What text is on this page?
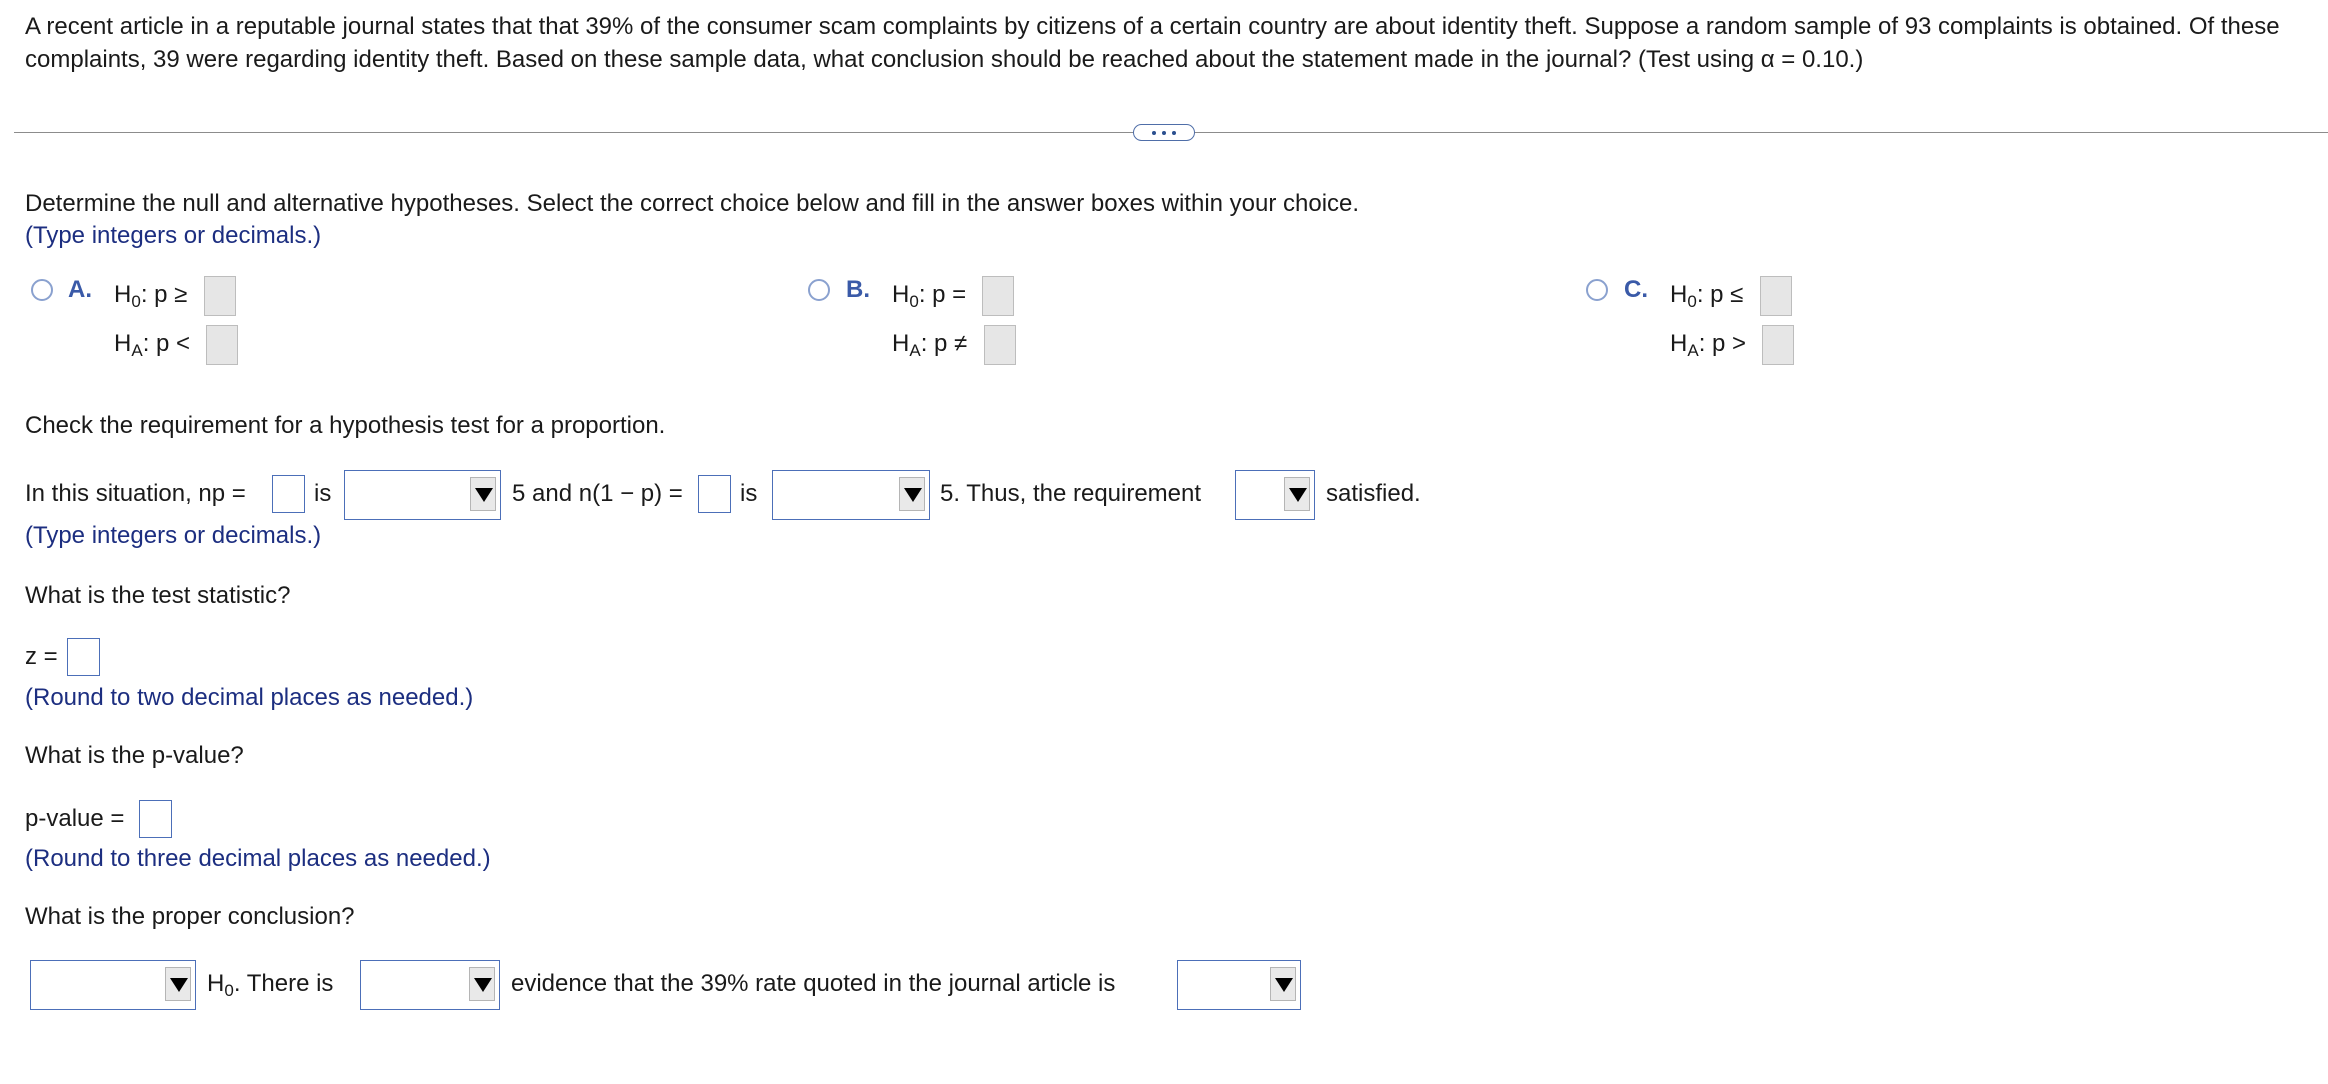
A recent article in a reputable journal states that that 39% of the consumer scam complaints by citizens of a certain country are about identity theft. Suppose a random sample of 93 complaints is obtained. Of these complaints, 39 were regarding identity theft. Based on these sample data, what conclusion should be reached about the statement made in the journal? (Test using α = 0.10.)
Determine the null and alternative hypotheses. Select the correct choice below and fill in the answer boxes within your choice.
(Type integers or decimals.)
A. $H_0$: p ≥
$H_A$: p <
B. $H_0$: p =
$H_A$: p ≠
C. $H_0$: p ≤
$H_A$: p >
Check the requirement for a hypothesis test for a proportion.
In this situation, np =	is	5 and n(1 − p) = is	5. Thus, the requirement	satisfied.
(Type integers or decimals.)
What is the test statistic?
z =
(Round to two decimal places as needed.)
What is the p-value?
p-value =
(Round to three decimal places as needed.)
What is the proper conclusion?
$H_0$. There is	evidence that the 39% rate quoted in the journal article is
